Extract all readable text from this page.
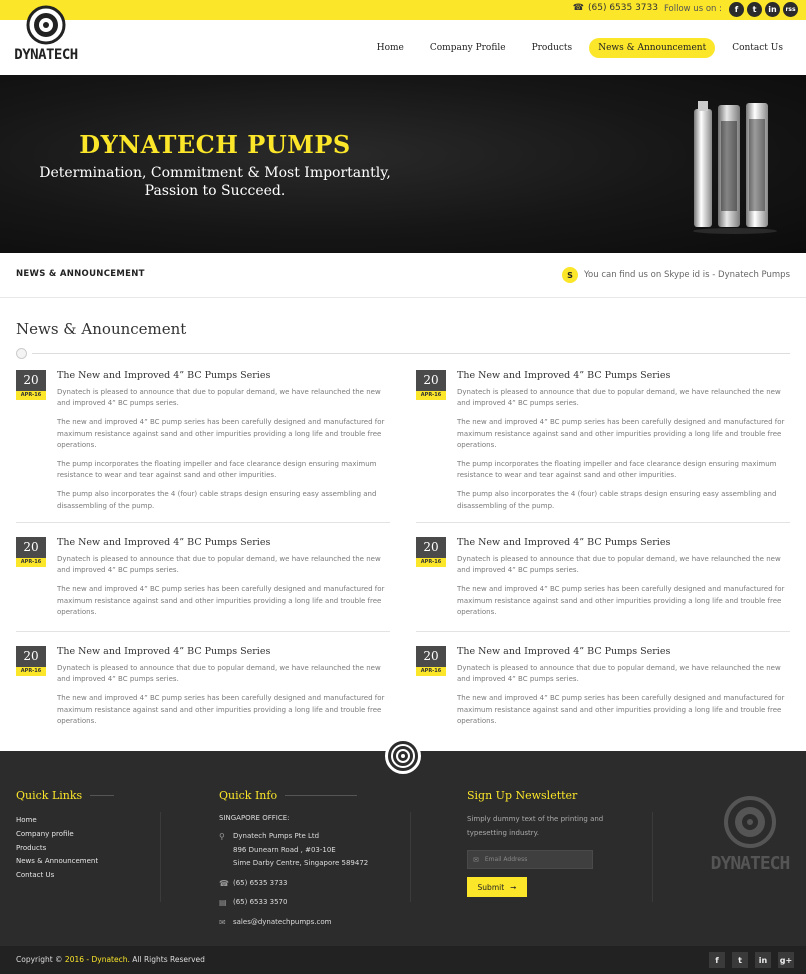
☎ (65) 6535 3733 Follow us on :	f	t	in	rss
DYNATECH	Home	Company Profile	Products	News & Announcement	Contact Us
DYNATECH PUMPS
Determination, Commitment & Most Importantly,
Passion to Succeed.
NEWS & ANNOUNCEMENT	S	You can find us on Skype id is - Dynatech Pumps
News & Anouncement
20
APR-16
The New and Improved 4” BC Pumps Series

Dynatech is pleased to announce that due to popular demand, we have relaunched the new and improved 4” BC pumps series.

The new and improved 4” BC pump series has been carefully designed and manufactured for maximum resistance against sand and other impurities providing a long life and trouble free operations.

The pump incorporates the floating impeller and face clearance design ensuring maximum resistance to wear and tear against sand and other impurities.

The pump also incorporates the 4 (four) cable straps design ensuring easy assembling and disassembling of the pump.

20
APR-16
The New and Improved 4” BC Pumps Series

Dynatech is pleased to announce that due to popular demand, we have relaunched the new and improved 4” BC pumps series.

The new and improved 4” BC pump series has been carefully designed and manufactured for maximum resistance against sand and other impurities providing a long life and trouble free operations.

The pump incorporates the floating impeller and face clearance design ensuring maximum resistance to wear and tear against sand and other impurities.

The pump also incorporates the 4 (four) cable straps design ensuring easy assembling and disassembling of the pump.

20
APR-16
The New and Improved 4” BC Pumps Series

Dynatech is pleased to announce that due to popular demand, we have relaunched the new and improved 4” BC pumps series.

The new and improved 4” BC pump series has been carefully designed and manufactured for maximum resistance against sand and other impurities providing a long life and trouble free operations.

20
APR-16
The New and Improved 4” BC Pumps Series

Dynatech is pleased to announce that due to popular demand, we have relaunched the new and improved 4” BC pumps series.

The new and improved 4” BC pump series has been carefully designed and manufactured for maximum resistance against sand and other impurities providing a long life and trouble free operations.

20
APR-16
The New and Improved 4” BC Pumps Series

Dynatech is pleased to announce that due to popular demand, we have relaunched the new and improved 4” BC pumps series.

The new and improved 4” BC pump series has been carefully designed and manufactured for maximum resistance against sand and other impurities providing a long life and trouble free operations.

20
APR-16
The New and Improved 4” BC Pumps Series

Dynatech is pleased to announce that due to popular demand, we have relaunched the new and improved 4” BC pumps series.

The new and improved 4” BC pump series has been carefully designed and manufactured for maximum resistance against sand and other impurities providing a long life and trouble free operations.

Quick Links
Home
Company profile
Products
News & Announcement
Contact Us
Quick Info
SINGAPORE OFFICE:
⚲	Dynatech Pumps Pte Ltd
896 Dunearn Road , #03-10E
Sime Darby Centre, Singapore 589472
☎ (65) 6535 3733
▤ (65) 6533 3570
✉ sales@dynatechpumps.com
Sign Up Newsletter
Simply dummy text of the printing and typesetting industry.
✉ Email Address
Submit ➞
DYNATECH
Copyright © 2016 - Dynatech. All Rights Reserved	f	t	in	g+
